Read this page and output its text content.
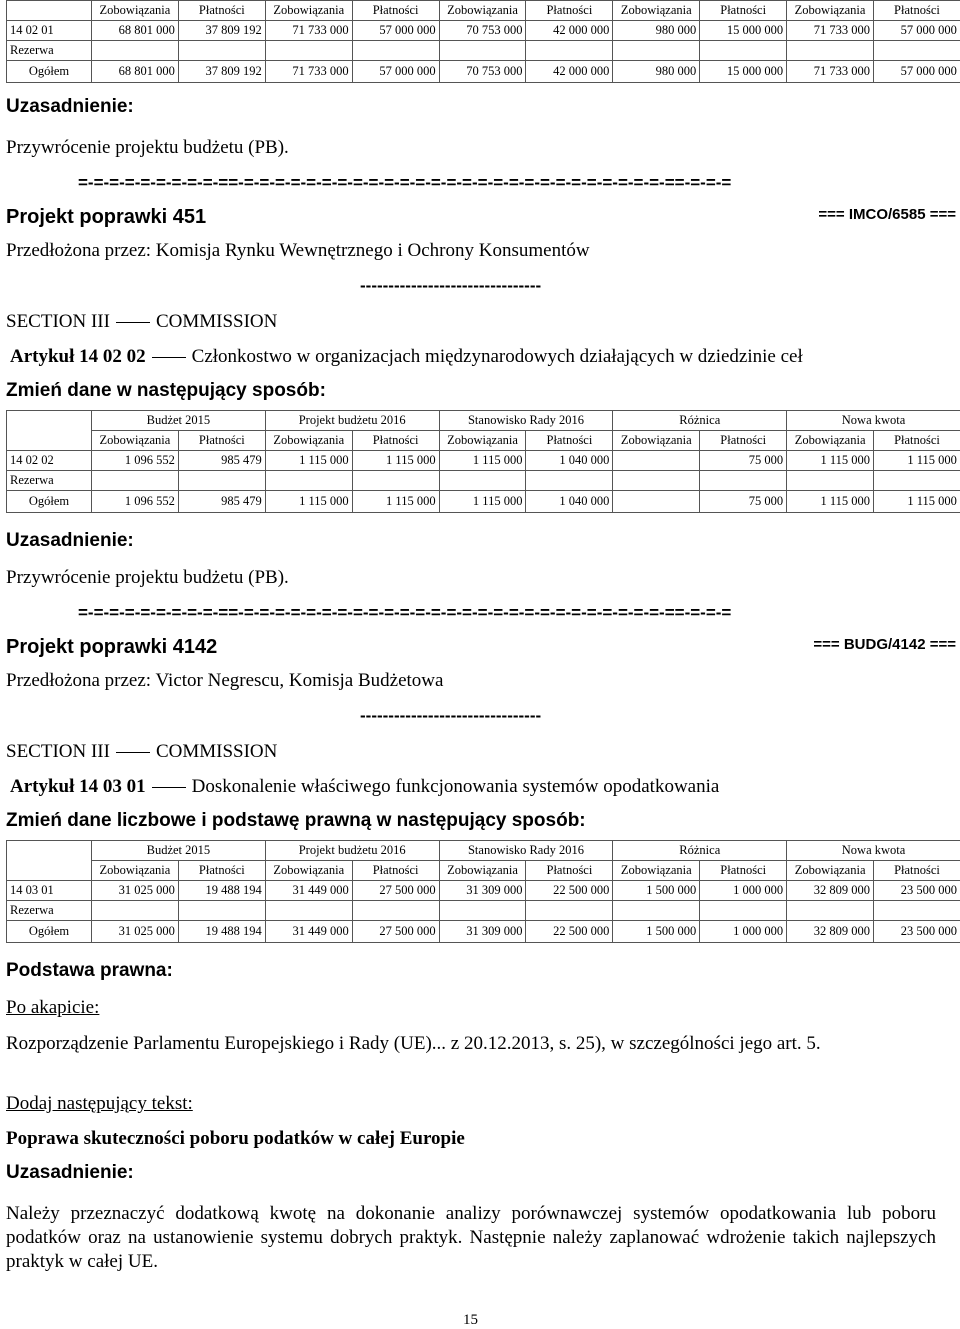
	Zobowiązania	Płatności	Zobowiązania	Płatności	Zobowiązania	Płatności	Zobowiązania	Płatności	Zobowiązania	Płatności
14 02 01	68 801 000	37 809 192	71 733 000	57 000 000	70 753 000	42 000 000	980 000	15 000 000	71 733 000	57 000 000
Rezerwa										
Ogółem	68 801 000	37 809 192	71 733 000	57 000 000	70 753 000	42 000 000	980 000	15 000 000	71 733 000	57 000 000
Uzasadnienie:
Przywrócenie projektu budżetu (PB).
=-=-=-=-=-=-=-=-=-==-=-=-=-=-=-=-=-=-=-=-=-=-=-=-=-=-=-=-=-=-=-=-=-=-=-=-=-==-=-=-=
Projekt poprawki 451	=== IMCO/6585 ===
Przedłożona przez: Komisja Rynku Wewnętrznego i Ochrony Konsumentów
--------------------------------
SECTION III COMMISSION
Artykuł 14 02 02 Członkostwo w organizacjach międzynarodowych działających w dziedzinie ceł
Zmień dane w następujący sposób:
	Budżet 2015		Projekt budżetu 2016		Stanowisko Rady 2016		Różnica		Nowa kwota	
	Zobowiązania	Płatności	Zobowiązania	Płatności	Zobowiązania	Płatności	Zobowiązania	Płatności	Zobowiązania	Płatności
14 02 02	1 096 552	985 479	1 115 000	1 115 000	1 115 000	1 040 000		75 000	1 115 000	1 115 000
Rezerwa										
Ogółem	1 096 552	985 479	1 115 000	1 115 000	1 115 000	1 040 000		75 000	1 115 000	1 115 000
Uzasadnienie:
Przywrócenie projektu budżetu (PB).
=-=-=-=-=-=-=-=-=-==-=-=-=-=-=-=-=-=-=-=-=-=-=-=-=-=-=-=-=-=-=-=-=-=-=-=-=-==-=-=-=
Projekt poprawki 4142	=== BUDG/4142 ===
Przedłożona przez: Victor Negrescu, Komisja Budżetowa
--------------------------------
SECTION III COMMISSION
Artykuł 14 03 01 Doskonalenie właściwego funkcjonowania systemów opodatkowania
Zmień dane liczbowe i podstawę prawną w następujący sposób:
	Budżet 2015		Projekt budżetu 2016		Stanowisko Rady 2016		Różnica		Nowa kwota	
	Zobowiązania	Płatności	Zobowiązania	Płatności	Zobowiązania	Płatności	Zobowiązania	Płatności	Zobowiązania	Płatności
14 03 01	31 025 000	19 488 194	31 449 000	27 500 000	31 309 000	22 500 000	1 500 000	1 000 000	32 809 000	23 500 000
Rezerwa										
Ogółem	31 025 000	19 488 194	31 449 000	27 500 000	31 309 000	22 500 000	1 500 000	1 000 000	32 809 000	23 500 000
Podstawa prawna:
Po akapicie:
Rozporządzenie Parlamentu Europejskiego i Rady (UE)... z 20.12.2013, s. 25), w szczególności jego art. 5.
Dodaj następujący tekst:
Poprawa skuteczności poboru podatków w całej Europie
Uzasadnienie:
Należy przeznaczyć dodatkową kwotę na dokonanie analizy porównawczej systemów opodatkowania lub poboru podatków oraz na ustanowienie systemu dobrych praktyk. Następnie należy zaplanować wdrożenie takich najlepszych praktyk w całej UE.
15
